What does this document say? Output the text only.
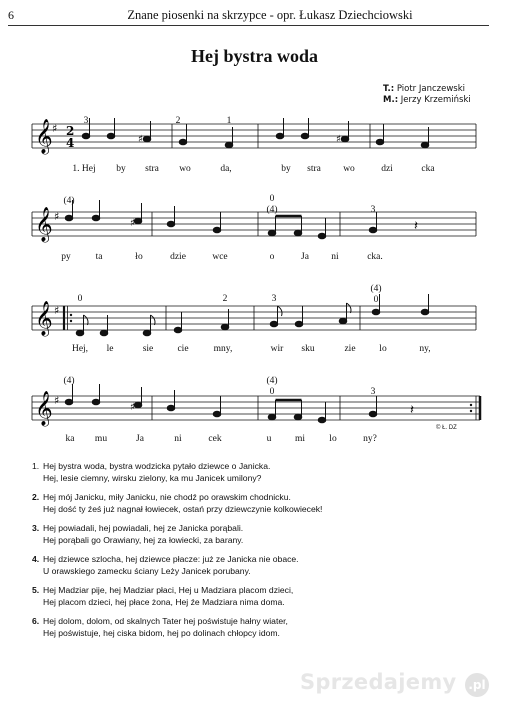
6	Znane piosenki na skrzypce - opr. Łukasz Dziechciowski
Hej bystra woda
T.: Piotr Janczewski
M.: Jerzy Krzemiński
𝄞 ♯ 2
4	♯	♯
3	2	1
1. Hej by stra wo	da,	by stra wo	dzi	cka
𝄞 ♯
♯	𝄽
(4)	0
(4)	3
py	ta	ło	dzie	wce	o	Ja ni	cka.
𝄞 ♯
0	2	3
(4)
0
Hej, le	sie	cie	mny,	wir sku	zie	lo	ny,
𝄞 ♯
♯	𝄽
(4)	(4)
0	3
ka mu	Ja	ni	cek	u mi	lo	ny?
© Ł. DZ
1. Hej bystra woda, bystra wodzicka pytało dziewce o Janicka.
Hej, lesie ciemny, wirsku zielony, ka mu Janicek umilony?
2. Hej mój Janicku, miły Janicku, nie chodź po orawskim chodnicku.
Hej dość ty źeś już nagnał łowiecek, ostań przy dziewczynie kolkowiecek!
3. Hej powiadali, hej powiadali, hej ze Janicka porąbali.
Hej porąbali go Orawiany, hej za łowiecki, za barany.
4. Hej dziewce szlocha, hej dziewce płacze: już ze Janicka nie obace.
U orawskiego zamecku ściany Leży Janicek porubany.
5. Hej Madziar pije, hej Madziar płaci, Hej u Madziara placom dzieci,
Hej placom dzieci, hej płace żona, Hej źe Madziara nima doma.
6. Hej dolom, dolom, od skalnych Tater hej poświstuje hałny wiater,
Hej poświstuje, hej ciska bidom, hej po dolinach chłopcy idom.
Sprzedajemy .pl
